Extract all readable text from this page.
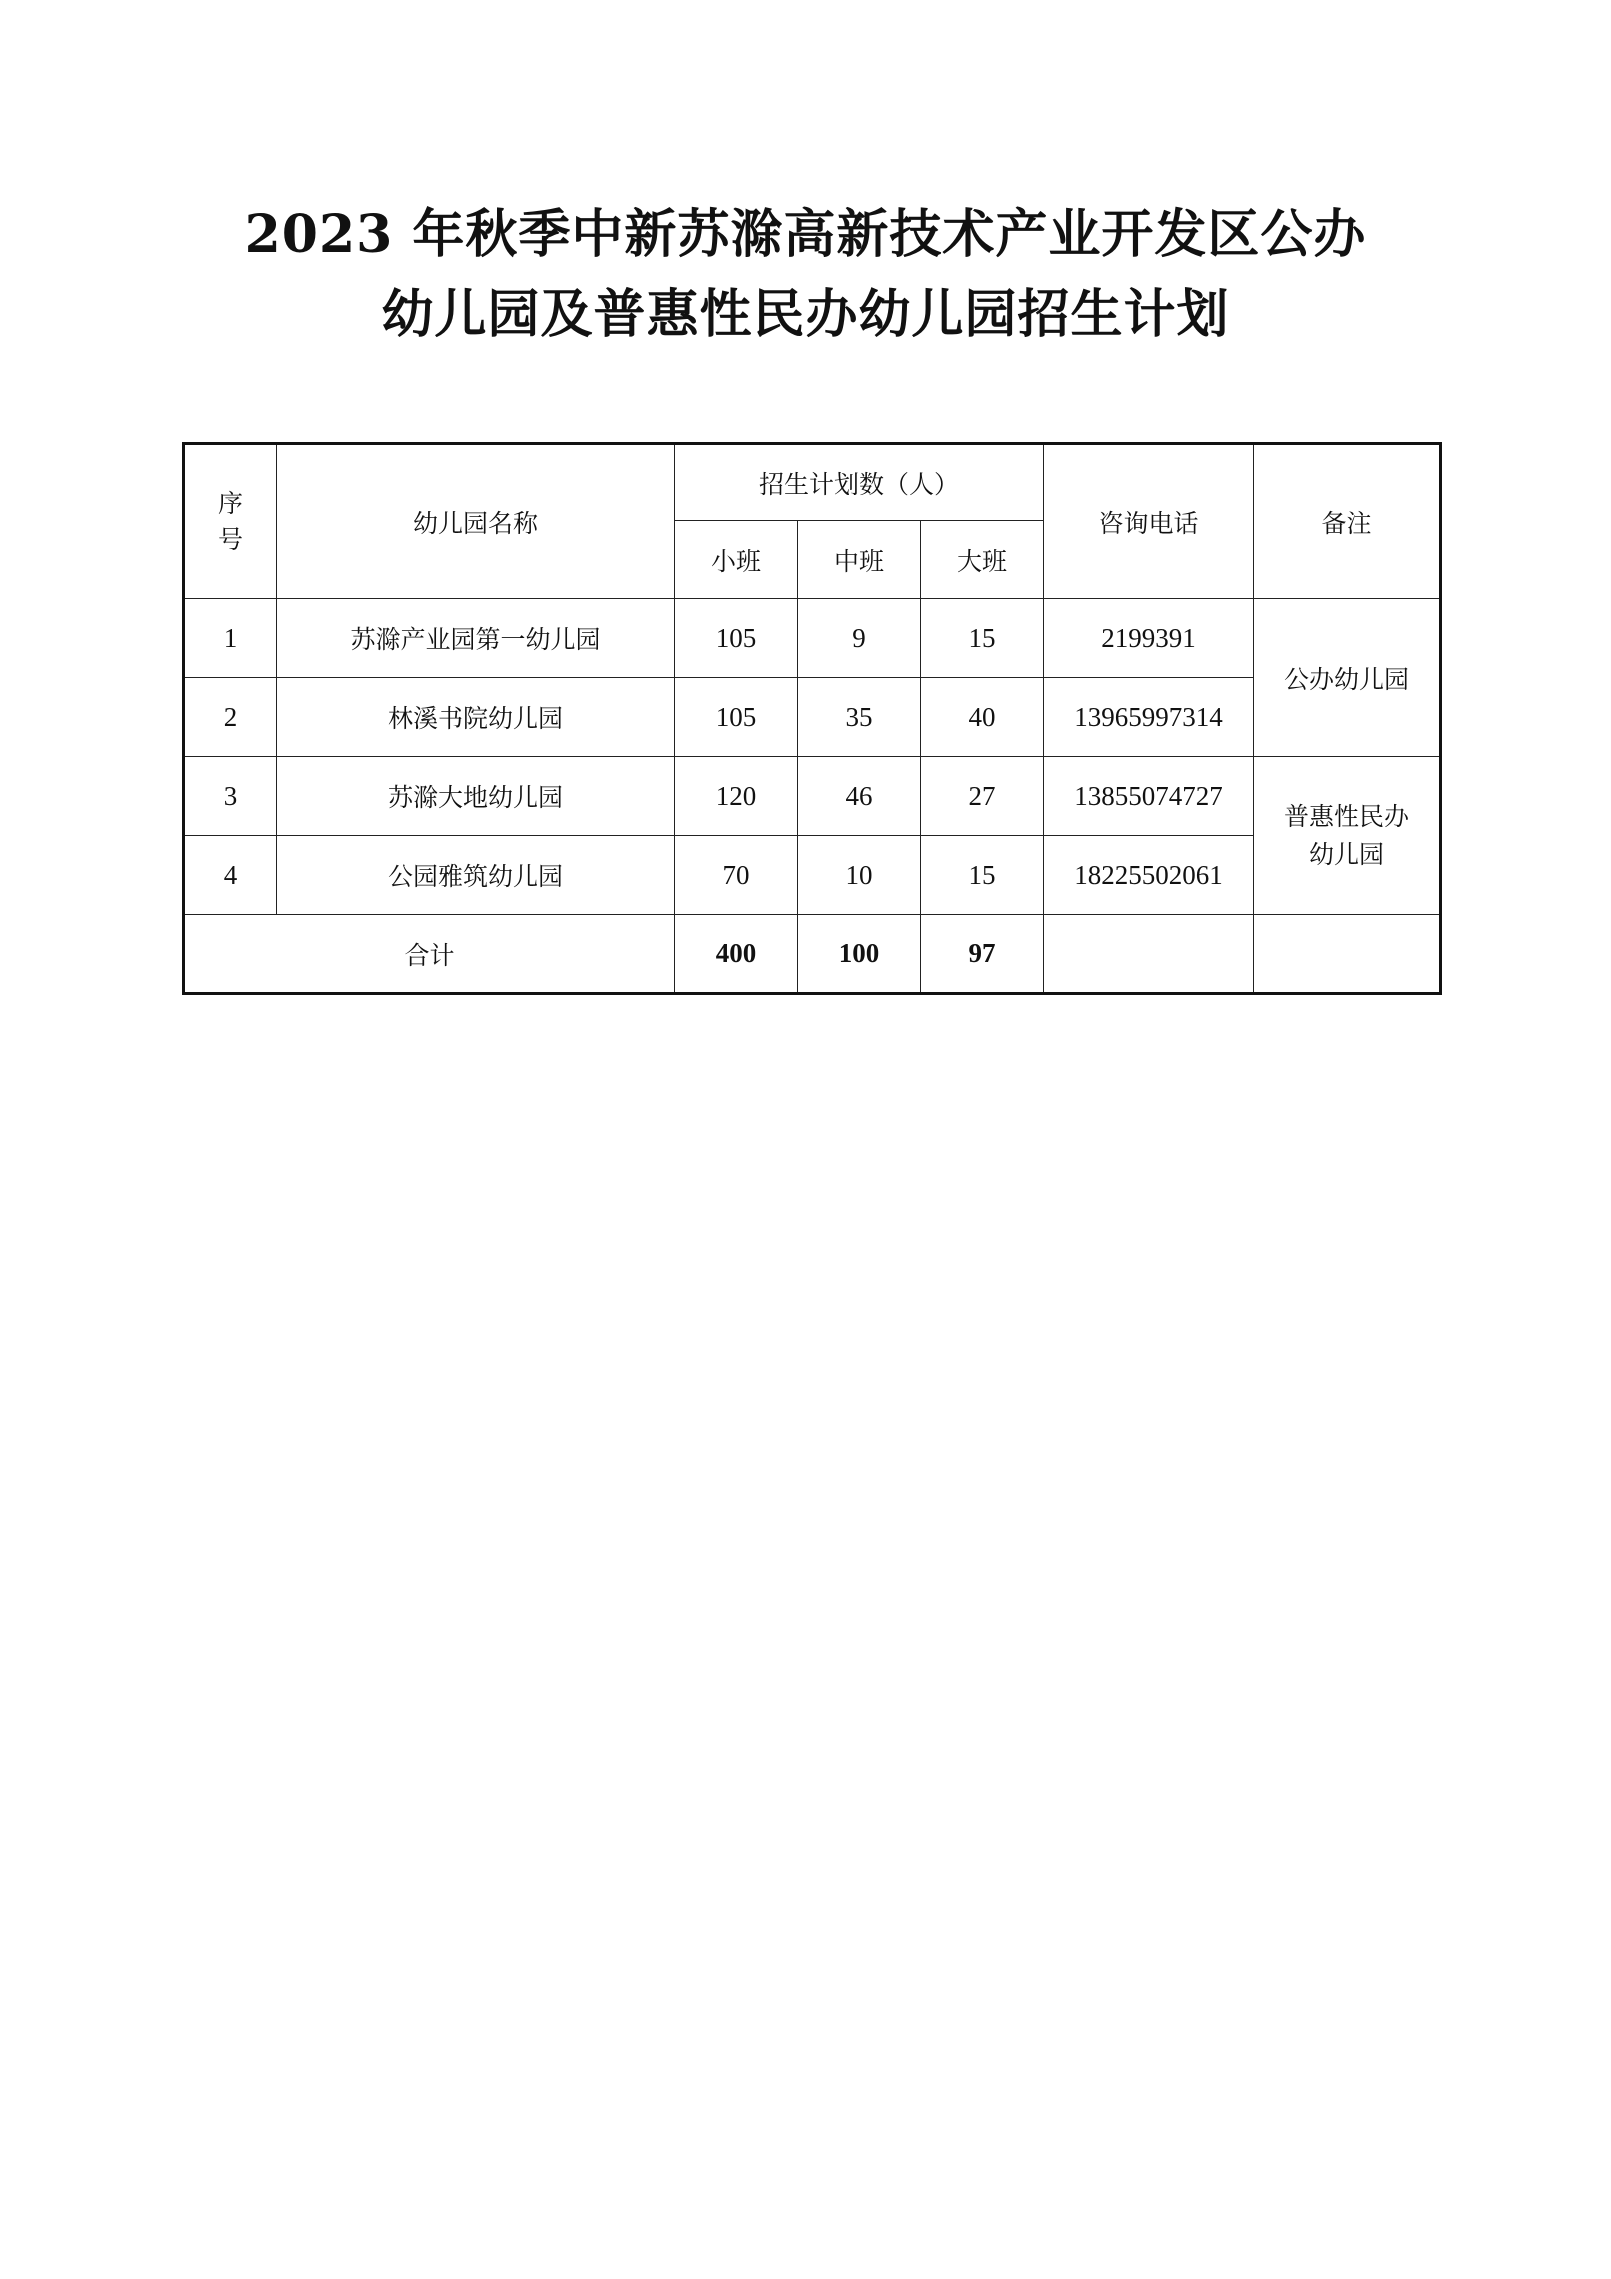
2023 年秋季中新苏滁高新技术产业开发区公办
幼儿园及普惠性民办幼儿园招生计划
序
号	幼儿园名称	招生计划数（人）			咨询电话	备注
		小班	中班	大班		
1	苏滁产业园第一幼儿园	105	9	15	2199391	公办幼儿园
2	林溪书院幼儿园	105	35	40	13965997314	
3	苏滁大地幼儿园	120	46	27	13855074727	普惠性民办
幼儿园
4	公园雅筑幼儿园	70	10	15	18225502061	
合计		400	100	97		
